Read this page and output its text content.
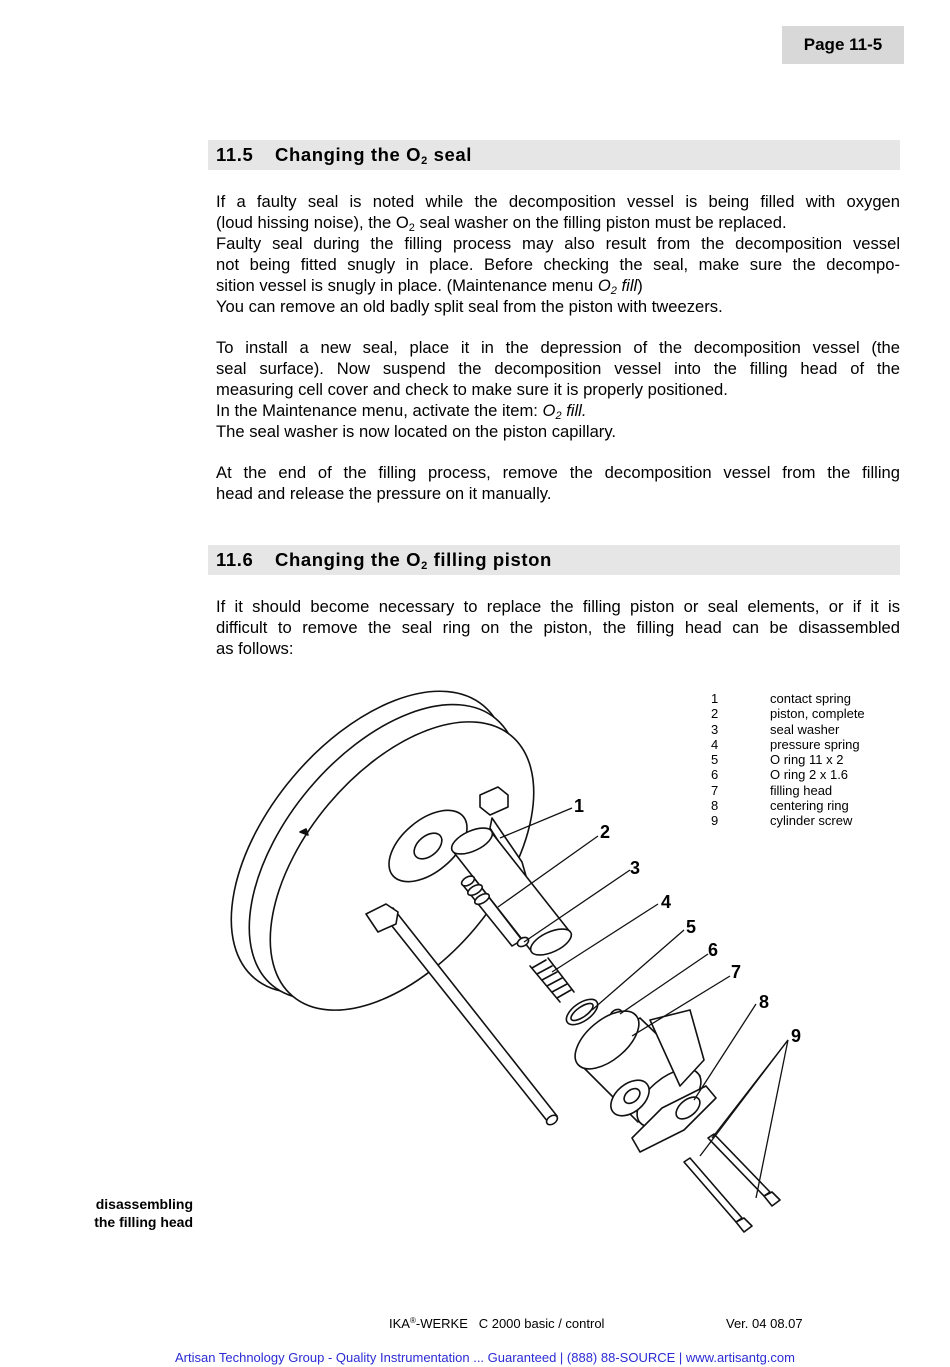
Page 11-5
11.5	Changing the $O_2$ seal
If a faulty seal is noted while the decomposition vessel is being filled with oxygen
(loud hissing noise), the $O_2$ seal washer on the filling piston must be replaced.
Faulty seal during the filling process may also result from the decomposition vessel
not being fitted snugly in place. Before checking the seal, make sure the decompo-
sition vessel is snugly in place. (Maintenance menu $O_2$ fill)
You can remove an old badly split seal from the piston with tweezers.
To install a new seal, place it in the depression of the decomposition vessel (the
seal surface). Now suspend the decomposition vessel into the filling head of the
measuring cell cover and check to make sure it is properly positioned.
In the Maintenance menu, activate the item: $O_2$ fill.
The seal washer is now located on the piston capillary.
At the end of the filling process, remove the decomposition vessel from the filling
head and release the pressure on it manually.
11.6	Changing the $O_2$ filling piston
If it should become necessary to replace the filling piston or seal elements, or if it is
difficult to remove the seal ring on the piston, the filling head can be disassembled
as follows:
1
2
3
4
5
6
7
8
9
1	contact spring
2	piston, complete
3	seal washer
4	pressure spring
5	O ring 11 x 2
6	O ring 2 x 1.6
7	filling head
8	centering ring
9	cylinder screw
disassembling
the filling head
IKA®-WERKE   C 2000 basic / control	Ver. 04 08.07
Artisan Technology Group - Quality Instrumentation ... Guaranteed | (888) 88-SOURCE | www.artisantg.com
